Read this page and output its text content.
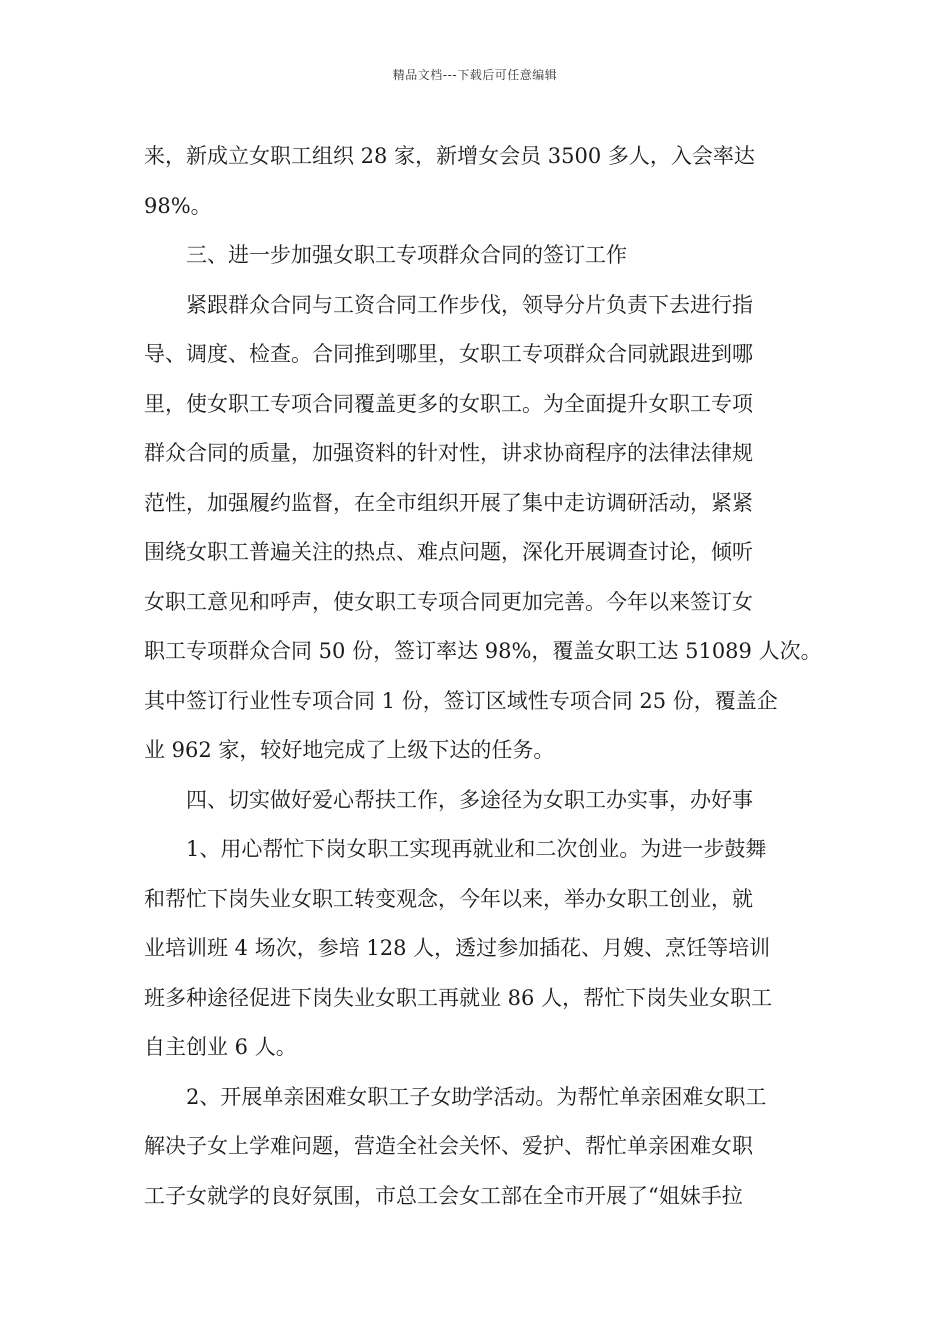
精品文档---下载后可任意编辑
来，新成立女职工组织 28 家，新增女会员 3500 多人，入会率达
98%。
三、进一步加强女职工专项群众合同的签订工作
紧跟群众合同与工资合同工作步伐，领导分片负责下去进行指
导、调度、检查。合同推到哪里，女职工专项群众合同就跟进到哪
里，使女职工专项合同覆盖更多的女职工。为全面提升女职工专项
群众合同的质量，加强资料的针对性，讲求协商程序的法律法律规
范性，加强履约监督，在全市组织开展了集中走访调研活动，紧紧
围绕女职工普遍关注的热点、难点问题，深化开展调查讨论，倾听
女职工意见和呼声，使女职工专项合同更加完善。今年以来签订女
职工专项群众合同 50 份，签订率达 98%，覆盖女职工达 51089 人次。
其中签订行业性专项合同 1 份，签订区域性专项合同 25 份，覆盖企
业 962 家，较好地完成了上级下达的任务。
四、切实做好爱心帮扶工作，多途径为女职工办实事，办好事
1、用心帮忙下岗女职工实现再就业和二次创业。为进一步鼓舞
和帮忙下岗失业女职工转变观念，今年以来，举办女职工创业，就
业培训班 4 场次，参培 128 人，透过参加插花、月嫂、烹饪等培训
班多种途径促进下岗失业女职工再就业 86 人，帮忙下岗失业女职工
自主创业 6 人。
2、开展单亲困难女职工子女助学活动。为帮忙单亲困难女职工
解决子女上学难问题，营造全社会关怀、爱护、帮忙单亲困难女职
工子女就学的良好氛围，市总工会女工部在全市开展了“姐妹手拉
